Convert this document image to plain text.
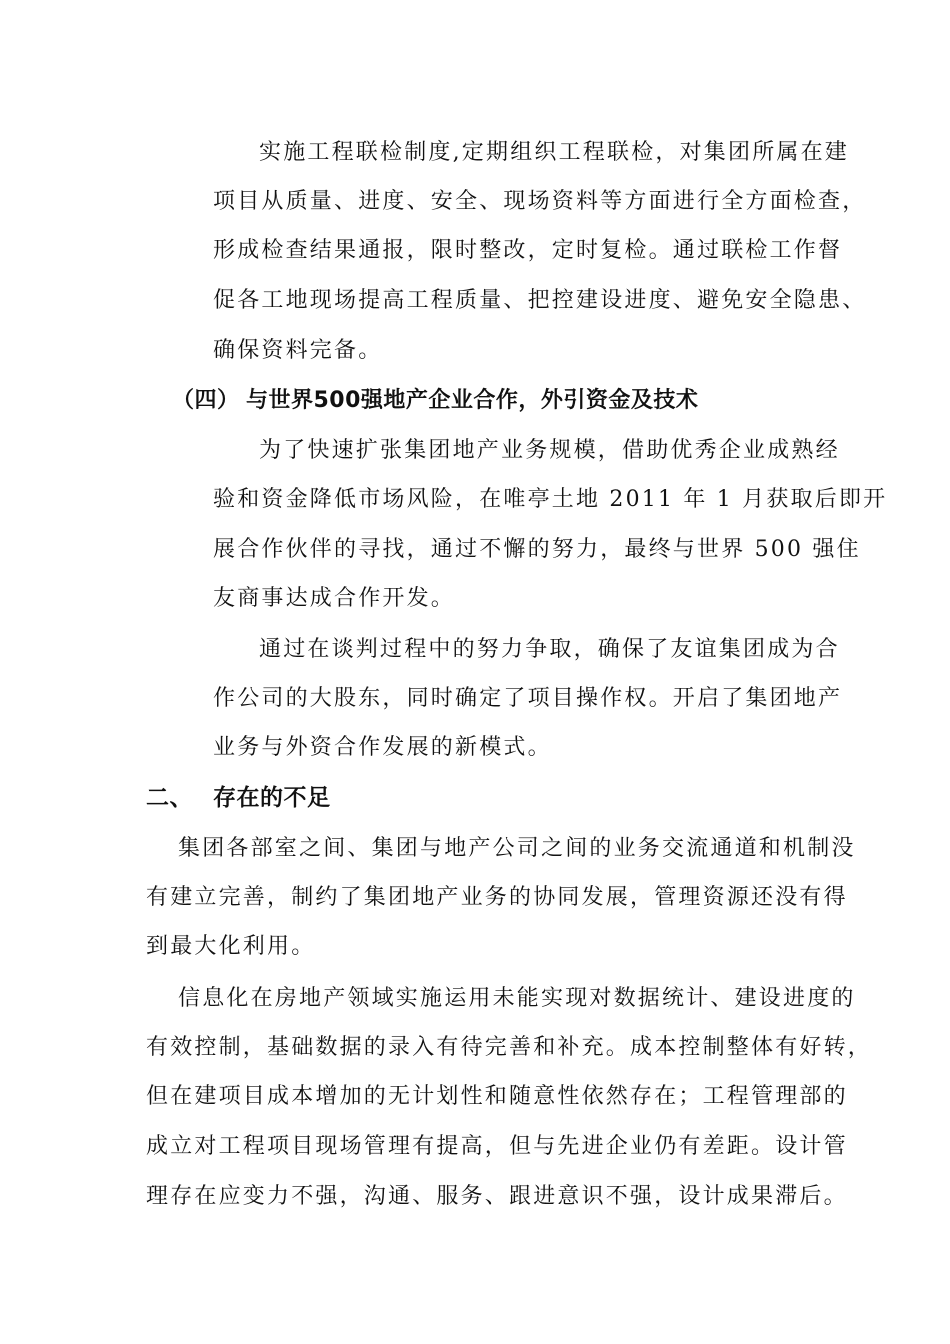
实施工程联检制度,定期组织工程联检，对集团所属在建
项目从质量、进度、安全、现场资料等方面进行全方面检查，
形成检查结果通报，限时整改，定时复检。通过联检工作督
促各工地现场提高工程质量、把控建设进度、避免安全隐患、
确保资料完备。
（四） 与世界500强地产企业合作，外引资金及技术
为了快速扩张集团地产业务规模，借助优秀企业成熟经
验和资金降低市场风险，在唯亭土地 2011 年 1 月获取后即开
展合作伙伴的寻找，通过不懈的努力，最终与世界 500 强住
友商事达成合作开发。
通过在谈判过程中的努力争取，确保了友谊集团成为合
作公司的大股东，同时确定了项目操作权。开启了集团地产
业务与外资合作发展的新模式。
二、 存在的不足
集团各部室之间、集团与地产公司之间的业务交流通道和机制没
有建立完善，制约了集团地产业务的协同发展，管理资源还没有得
到最大化利用。
信息化在房地产领域实施运用未能实现对数据统计、建设进度的
有效控制，基础数据的录入有待完善和补充。成本控制整体有好转，
但在建项目成本增加的无计划性和随意性依然存在；工程管理部的
成立对工程项目现场管理有提高，但与先进企业仍有差距。设计管
理存在应变力不强，沟通、服务、跟进意识不强，设计成果滞后。
